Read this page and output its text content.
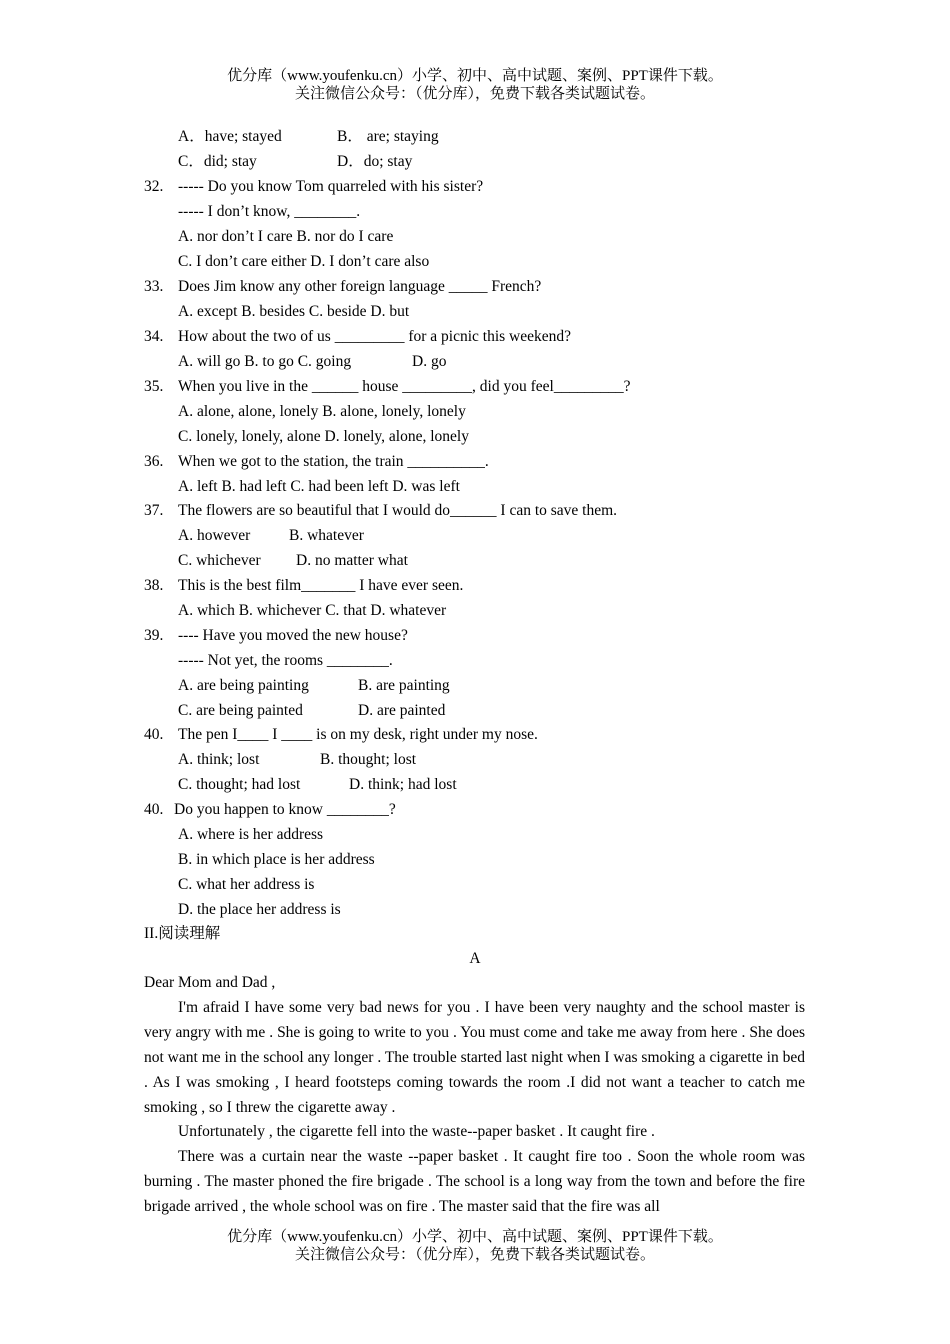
优分库（www.youfenku.cn）小学、初中、高中试题、案例、PPT课件下载。
关注微信公众号：（优分库），免费下载各类试题试卷。
A．have; stayed	B． are; staying
C．did; stay	D．do; stay
32. ----- Do you know Tom quarreled with his sister?
----- I don’t know, ________.
A. nor don’t I care B. nor do I care
C. I don’t care either D. I don’t care also
33. Does Jim know any other foreign language _____ French?
A. except B. besides C. beside D. but
34. How about the two of us _________ for a picnic this weekend?
A. will go B. to go C. going	D. go
35. When you live in the ______ house _________, did you feel_________?
A. alone, alone, lonely B. alone, lonely, lonely
C. lonely, lonely, alone D. lonely, alone, lonely
36. When we got to the station, the train __________.
A. left B. had left C. had been left D. was left
37. The flowers are so beautiful that I would do______ I can to save them.
A. however B. whatever
C. whichever D. no matter what
38. This is the best film_______ I have ever seen.
A. which B. whichever C. that D. whatever
39. ---- Have you moved the new house?
----- Not yet, the rooms ________.
A. are being painting	B. are painting
C. are being painted	D. are painted
40. The pen I____ I ____ is on my desk, right under my nose.
A. think; lost	B. thought; lost
C. thought; had lost	D. think; had lost
40. Do you happen to know ________?
A. where is her address
B. in which place is her address
C. what her address is
D. the place her address is
II.阅读理解
A

Dear Mom and Dad ,

I'm afraid I have some very bad news for you . I have been very naughty and the school master is very angry with me . She is going to write to you . You must come and take me away from here . She does not want me in the school any longer . The trouble started last night when I was smoking a cigarette in bed . As I was smoking , I heard footsteps coming towards the room .I did not want a teacher to catch me smoking , so I threw the cigarette away .

Unfortunately , the cigarette fell into the waste--paper basket . It caught fire .

There was a curtain near the waste --paper basket . It caught fire too . Soon the whole room was burning . The master phoned the fire brigade . The school is a long way from the town and before the fire brigade arrived , the whole school was on fire . The master said that the fire was all

优分库（www.youfenku.cn）小学、初中、高中试题、案例、PPT课件下载。
关注微信公众号：（优分库），免费下载各类试题试卷。
